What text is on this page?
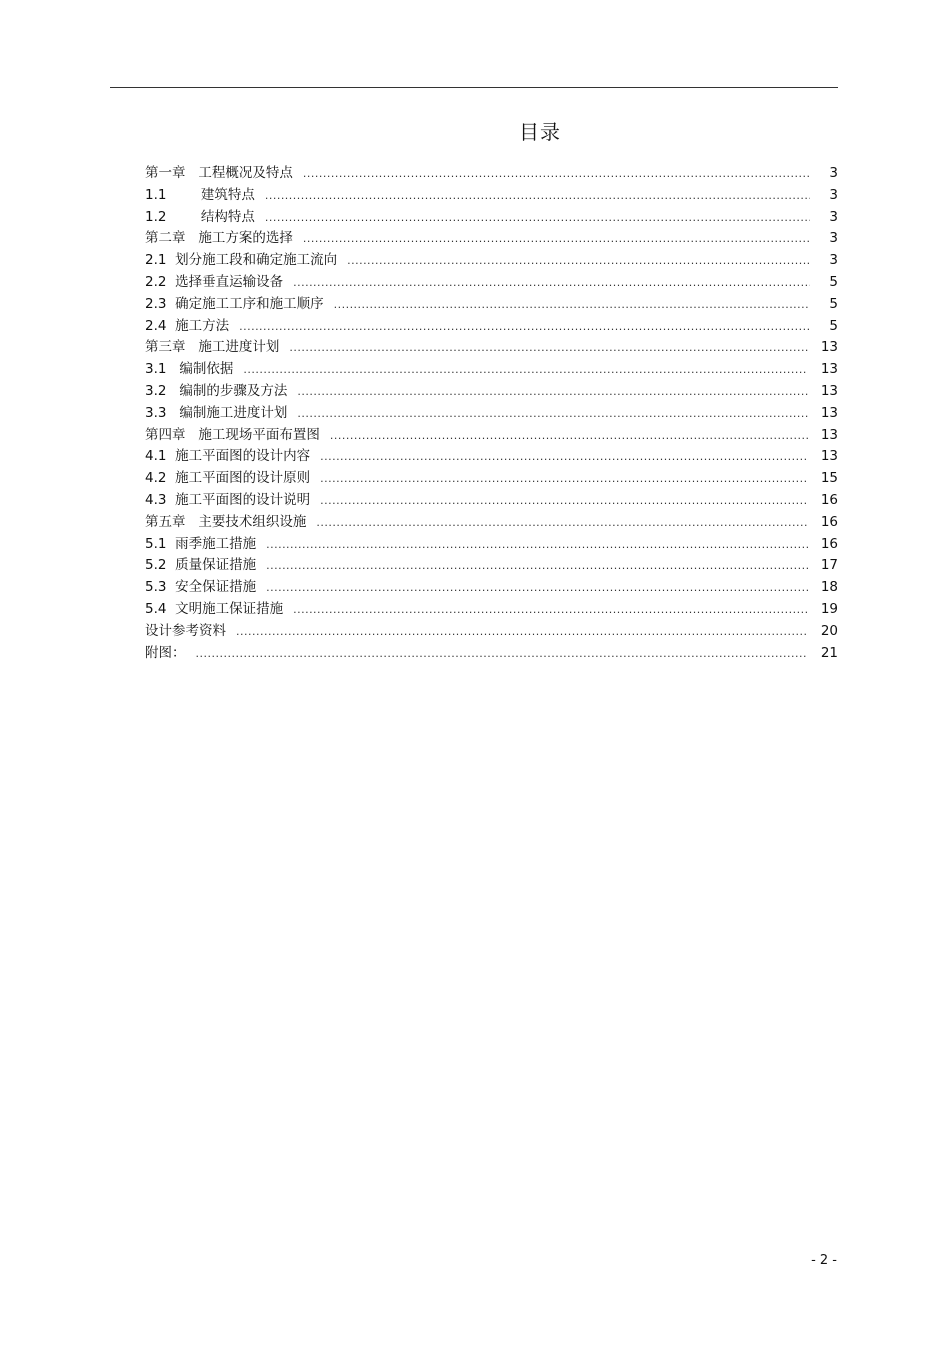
目录
第一章 工程概况及特点 .....	3
1.1 建筑特点 .....	3
1.2 结构特点 .....	3
第二章 施工方案的选择 .....	3
2.1 划分施工段和确定施工流向 .....	3
2.2 选择垂直运输设备 .....	5
2.3 确定施工工序和施工顺序 .....	5
2.4 施工方法 .....	5
第三章 施工进度计划 .....	13
3.1 编制依据 .....	13
3.2 编制的步骤及方法 .....	13
3.3 编制施工进度计划 .....	13
第四章 施工现场平面布置图 .....	13
4.1 施工平面图的设计内容 .....	13
4.2 施工平面图的设计原则 .....	15
4.3 施工平面图的设计说明 .....	16
第五章 主要技术组织设施 .....	16
5.1 雨季施工措施 .....	16
5.2 质量保证措施 .....	17
5.3 安全保证措施 .....	18
5.4 文明施工保证措施 .....	19
设计参考资料 .....	20
附图： .....	21
- 2 -
